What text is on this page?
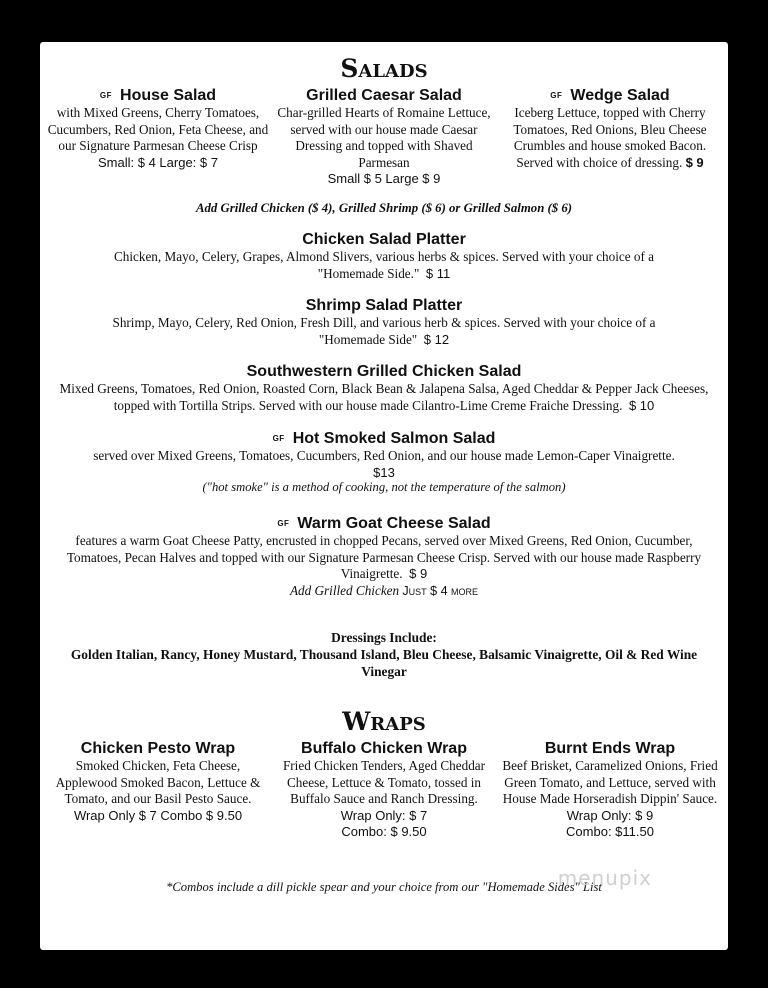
Salads
GF House Salad
with Mixed Greens, Cherry Tomatoes, Cucumbers, Red Onion, Feta Cheese, and our Signature Parmesan Cheese Crisp
Small: $ 4 Large: $ 7
Grilled Caesar Salad
Char-grilled Hearts of Romaine Lettuce, served with our house made Caesar Dressing and topped with Shaved Parmesan
Small $ 5 Large $ 9
GF Wedge Salad
Iceberg Lettuce, topped with Cherry Tomatoes, Red Onions, Bleu Cheese Crumbles and house smoked Bacon. Served with choice of dressing. $ 9
Add Grilled Chicken ($ 4), Grilled Shrimp ($ 6) or Grilled Salmon ($ 6)
Chicken Salad Platter
Chicken, Mayo, Celery, Grapes, Almond Slivers, various herbs & spices. Served with your choice of a "Homemade Side." $ 11
Shrimp Salad Platter
Shrimp, Mayo, Celery, Red Onion, Fresh Dill, and various herb & spices. Served with your choice of a "Homemade Side" $ 12
Southwestern Grilled Chicken Salad
Mixed Greens, Tomatoes, Red Onion, Roasted Corn, Black Bean & Jalapena Salsa, Aged Cheddar & Pepper Jack Cheeses, topped with Tortilla Strips. Served with our house made Cilantro-Lime Creme Fraiche Dressing. $ 10
GF Hot Smoked Salmon Salad
served over Mixed Greens, Tomatoes, Cucumbers, Red Onion, and our house made Lemon-Caper Vinaigrette.
$13
("hot smoke" is a method of cooking, not the temperature of the salmon)
GF Warm Goat Cheese Salad
features a warm Goat Cheese Patty, encrusted in chopped Pecans, served over Mixed Greens, Red Onion, Cucumber, Tomatoes, Pecan Halves and topped with our Signature Parmesan Cheese Crisp. Served with our house made Raspberry Vinaigrette. $ 9
Add Grilled Chicken Just $ 4 more
Dressings Include:
Golden Italian, Rancy, Honey Mustard, Thousand Island, Bleu Cheese, Balsamic Vinaigrette, Oil & Red Wine Vinegar
Wraps
Chicken Pesto Wrap
Smoked Chicken, Feta Cheese, Applewood Smoked Bacon, Lettuce & Tomato, and our Basil Pesto Sauce.
Wrap Only $ 7 Combo $ 9.50
Buffalo Chicken Wrap
Fried Chicken Tenders, Aged Cheddar Cheese, Lettuce & Tomato, tossed in Buffalo Sauce and Ranch Dressing.
Wrap Only: $ 7
Combo: $ 9.50
Burnt Ends Wrap
Beef Brisket, Caramelized Onions, Fried Green Tomato, and Lettuce, served with House Made Horseradish Dippin' Sauce.
Wrap Only: $ 9
Combo: $11.50
*Combos include a dill pickle spear and your choice from our "Homemade Sides" List
menupix
